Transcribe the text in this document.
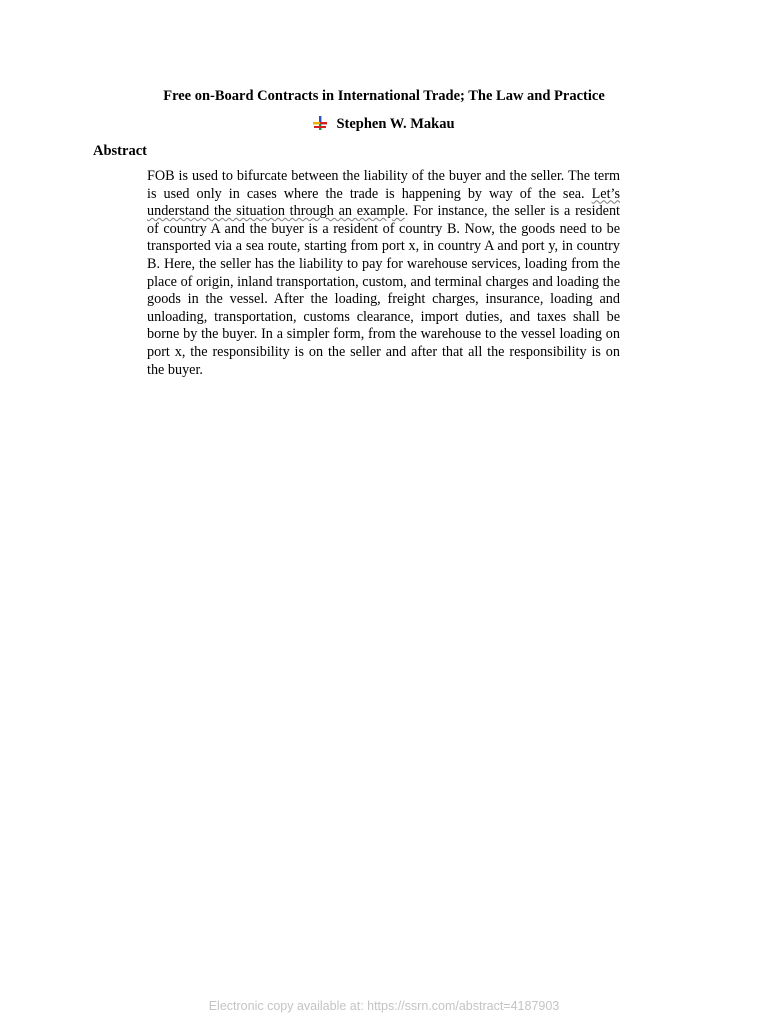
Free on-Board Contracts in International Trade; The Law and Practice
Stephen W. Makau
Abstract
FOB is used to bifurcate between the liability of the buyer and the seller. The term is used only in cases where the trade is happening by way of the sea. Let’s understand the situation through an example. For instance, the seller is a resident of country A and the buyer is a resident of country B. Now, the goods need to be transported via a sea route, starting from port x, in country A and port y, in country B. Here, the seller has the liability to pay for warehouse services, loading from the place of origin, inland transportation, custom, and terminal charges and loading the goods in the vessel. After the loading, freight charges, insurance, loading and unloading, transportation, customs clearance, import duties, and taxes shall be borne by the buyer. In a simpler form, from the warehouse to the vessel loading on port x, the responsibility is on the seller and after that all the responsibility is on the buyer.
Electronic copy available at: https://ssrn.com/abstract=4187903
